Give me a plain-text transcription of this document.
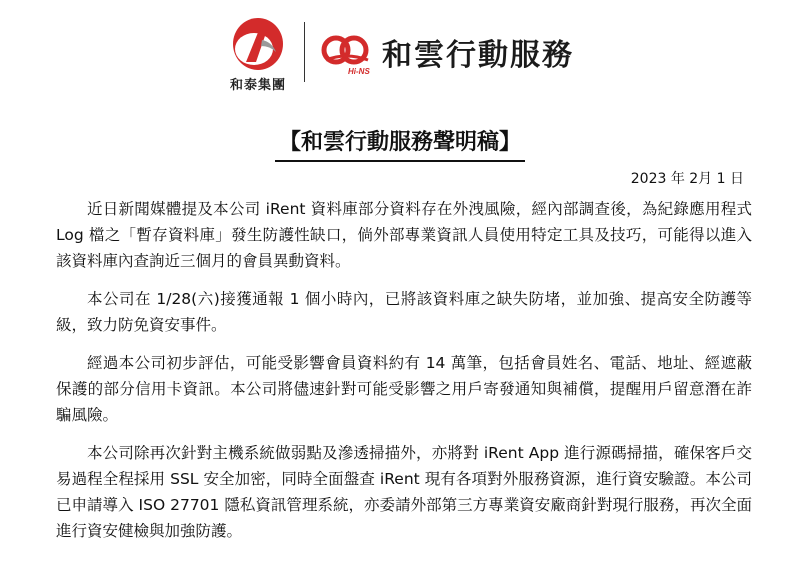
和泰集團
Hi-NS 和雲行動服務
【和雲行動服務聲明稿】
2023 年 2月 1 日

近日新聞媒體提及本公司 iRent 資料庫部分資料存在外洩風險，經內部調查後，為紀錄應用程式 Log 檔之「暫存資料庫」發生防護性缺口，倘外部專業資訊人員使用特定工具及技巧，可能得以進入該資料庫內查詢近三個月的會員異動資料。

本公司在 1/28(六)接獲通報 1 個小時內，已將該資料庫之缺失防堵，並加強、提高安全防護等級，致力防免資安事件。

經過本公司初步評估，可能受影響會員資料約有 14 萬筆，包括會員姓名、電話、地址、經遮蔽保護的部分信用卡資訊。本公司將儘速針對可能受影響之用戶寄發通知與補償，提醒用戶留意潛在詐騙風險。

本公司除再次針對主機系統做弱點及滲透掃描外，亦將對 iRent App 進行源碼掃描，確保客戶交易過程全程採用 SSL 安全加密，同時全面盤查 iRent 現有各項對外服務資源，進行資安驗證。本公司已申請導入 ISO 27701 隱私資訊管理系統，亦委請外部第三方專業資安廠商針對現行服務，再次全面進行資安健檢與加強防護。
